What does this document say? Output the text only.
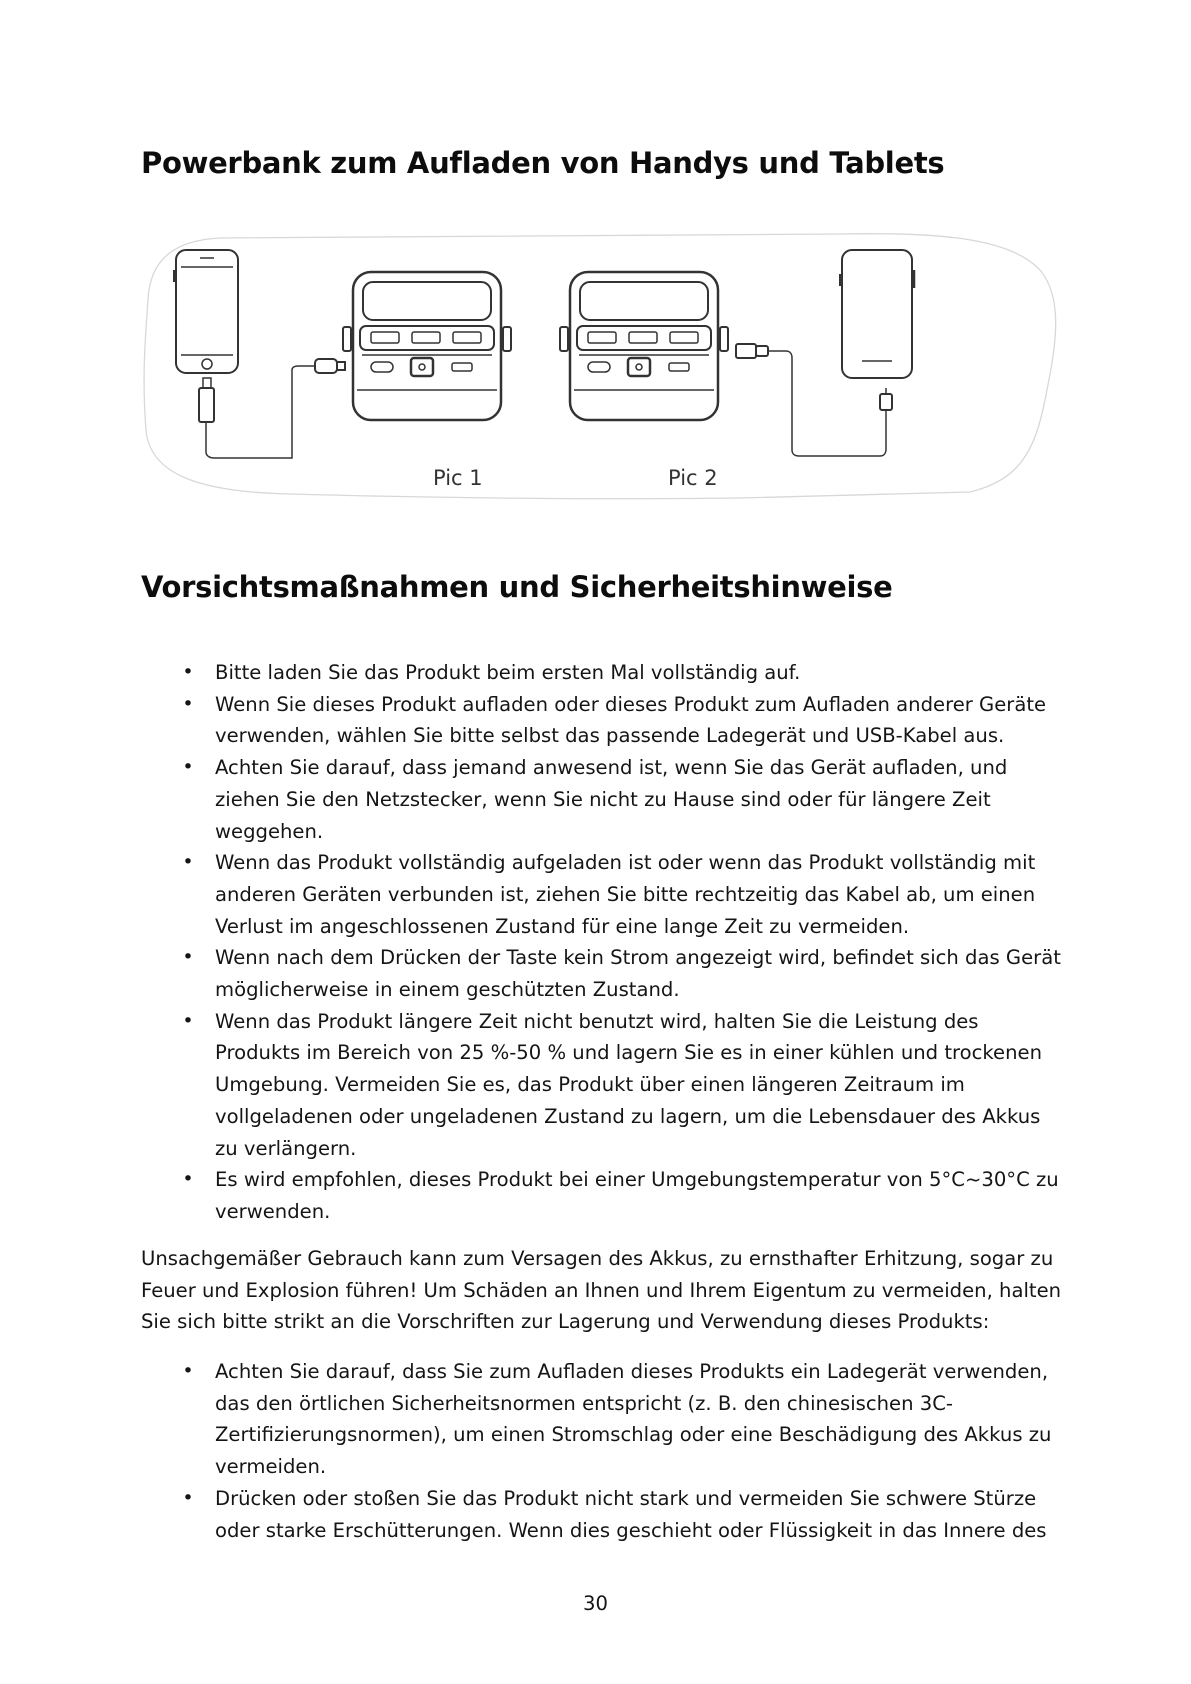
Powerbank zum Aufladen von Handys und Tablets
Pic 1	Pic 2
Vorsichtsmaßnahmen und Sicherheitshinweise
• Bitte laden Sie das Produkt beim ersten Mal vollständig auf.
• Wenn Sie dieses Produkt aufladen oder dieses Produkt zum Aufladen anderer Geräte verwenden, wählen Sie bitte selbst das passende Ladegerät und USB-Kabel aus.
• Achten Sie darauf, dass jemand anwesend ist, wenn Sie das Gerät aufladen, und ziehen Sie den Netzstecker, wenn Sie nicht zu Hause sind oder für längere Zeit weggehen.
• Wenn das Produkt vollständig aufgeladen ist oder wenn das Produkt vollständig mit anderen Geräten verbunden ist, ziehen Sie bitte rechtzeitig das Kabel ab, um einen Verlust im angeschlossenen Zustand für eine lange Zeit zu vermeiden.
• Wenn nach dem Drücken der Taste kein Strom angezeigt wird, befindet sich das Gerät möglicherweise in einem geschützten Zustand.
• Wenn das Produkt längere Zeit nicht benutzt wird, halten Sie die Leistung des Produkts im Bereich von 25 %-50 % und lagern Sie es in einer kühlen und trockenen Umgebung. Vermeiden Sie es, das Produkt über einen längeren Zeitraum im vollgeladenen oder ungeladenen Zustand zu lagern, um die Lebensdauer des Akkus zu verlängern.
• Es wird empfohlen, dieses Produkt bei einer Umgebungstemperatur von 5°C~30°C zu verwenden.

Unsachgemäßer Gebrauch kann zum Versagen des Akkus, zu ernsthafter Erhitzung, sogar zu Feuer und Explosion führen! Um Schäden an Ihnen und Ihrem Eigentum zu vermeiden, halten Sie sich bitte strikt an die Vorschriften zur Lagerung und Verwendung dieses Produkts:

• Achten Sie darauf, dass Sie zum Aufladen dieses Produkts ein Ladegerät verwenden, das den örtlichen Sicherheitsnormen entspricht (z. B. den chinesischen 3C-Zertifizierungsnormen), um einen Stromschlag oder eine Beschädigung des Akkus zu vermeiden.
• Drücken oder stoßen Sie das Produkt nicht stark und vermeiden Sie schwere Stürze oder starke Erschütterungen. Wenn dies geschieht oder Flüssigkeit in das Innere des
30
